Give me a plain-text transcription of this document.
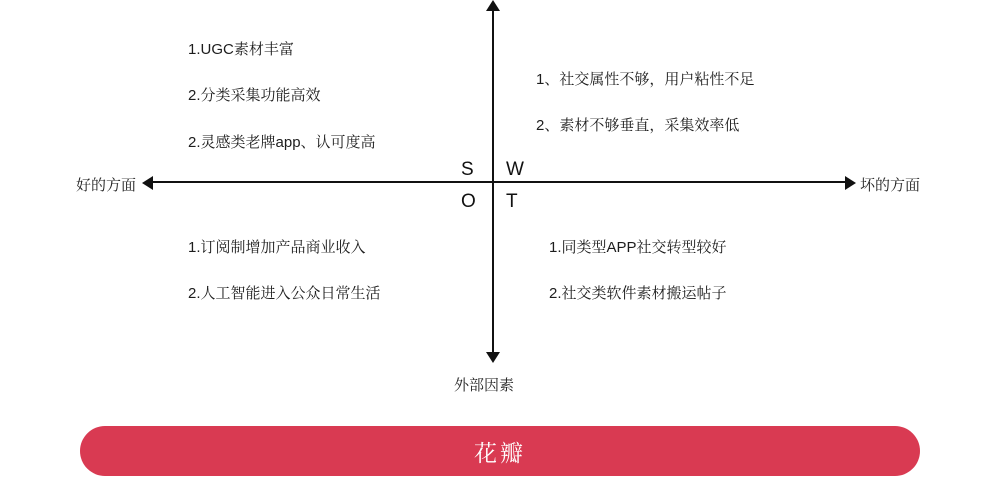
好的方面	坏的方面
外部因素
S W
O T
1.UGC素材丰富
2.分类采集功能高效
2.灵感类老牌app、认可度高
1、社交属性不够，用户粘性不足
2、素材不够垂直，采集效率低
1.订阅制增加产品商业收入
2.人工智能进入公众日常生活
1.同类型APP社交转型较好
2.社交类软件素材搬运帖子
花瓣
